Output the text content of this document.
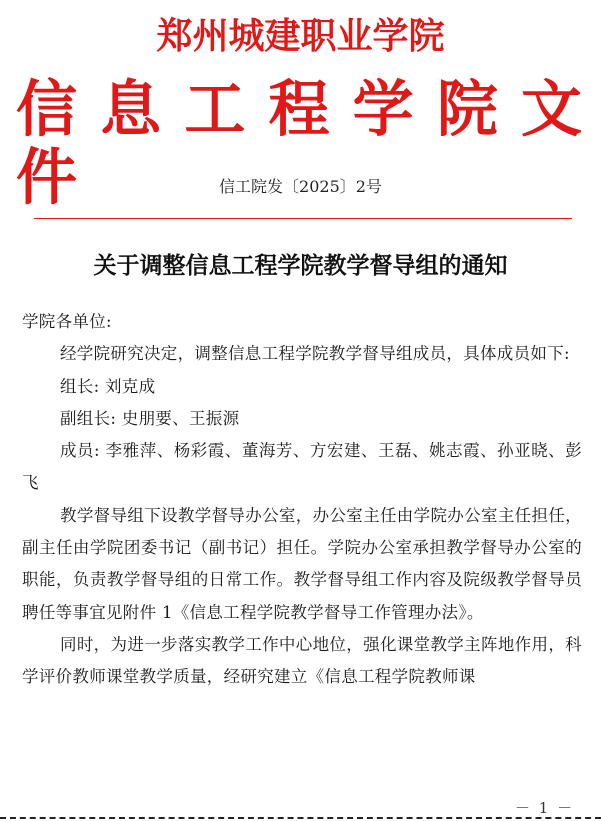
郑州城建职业学院
信息工程学院文件	信工院发〔2025〕2号
关于调整信息工程学院教学督导组的通知

学院各单位:

经学院研究决定，调整信息工程学院教学督导组成员，具体成员如下:

组长: 刘克成

副组长: 史朋要、王振源

成员: 李雅萍、杨彩霞、董海芳、方宏建、王磊、姚志霞、孙亚晓、彭飞

教学督导组下设教学督导办公室，办公室主任由学院办公室主任担任，副主任由学院团委书记（副书记）担任。学院办公室承担教学督导办公室的职能，负责教学督导组的日常工作。教学督导组工作内容及院级教学督导员聘任等事宜见附件 1《信息工程学院教学督导工作管理办法》。

同时，为进一步落实教学工作中心地位，强化课堂教学主阵地作用，科学评价教师课堂教学质量，经研究建立《信息工程学院教师课

－ 1 －
